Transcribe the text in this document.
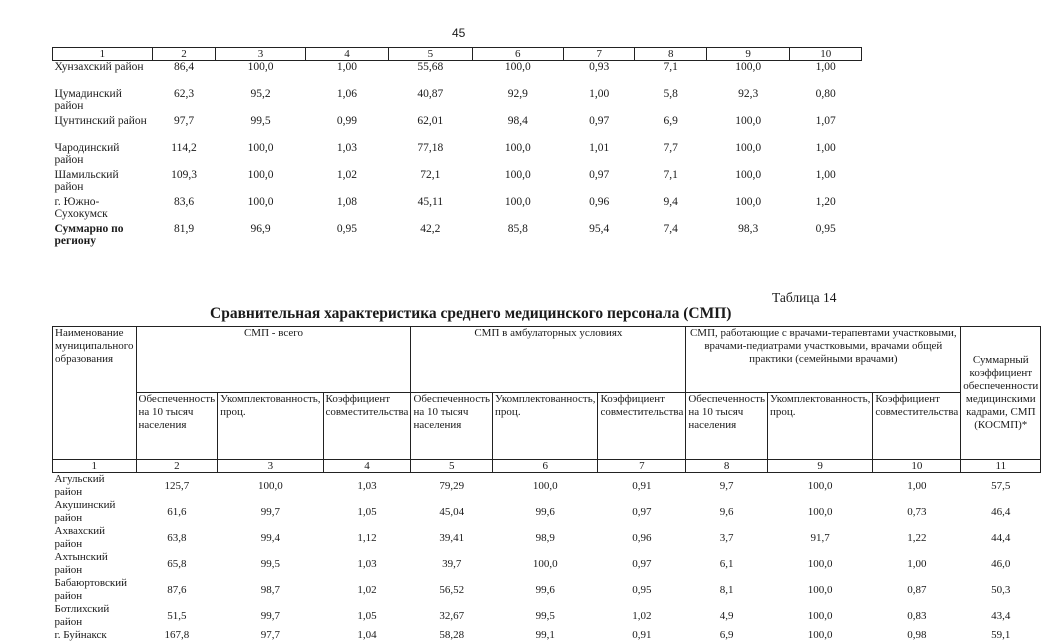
45
1	2	3	4	5	6	7	8	9	10
Хунзахский район	86,4	100,0	1,00	55,68	100,0	0,93	7,1	100,0	1,00
Цумадинский район	62,3	95,2	1,06	40,87	92,9	1,00	5,8	92,3	0,80
Цунтинский район	97,7	99,5	0,99	62,01	98,4	0,97	6,9	100,0	1,07
Чародинский район	114,2	100,0	1,03	77,18	100,0	1,01	7,7	100,0	1,00
Шамильский район	109,3	100,0	1,02	72,1	100,0	0,97	7,1	100,0	1,00
г. Южно-Сухокумск	83,6	100,0	1,08	45,11	100,0	0,96	9,4	100,0	1,20
Суммарно по региону	81,9	96,9	0,95	42,2	85,8	95,4	7,4	98,3	0,95
Таблица 14
Сравнительная характеристика среднего медицинского персонала (СМП)
Наименование муниципального образования	СМП - всего			СМП в амбулаторных условиях			СМП, работающие с врачами-терапевтами участковыми, врачами-педиатрами участковыми, врачами общей практики (семейными врачами)			Суммарный коэффициент обеспеченности медицинскими кадрами, СМП (КОСМП)*
	Обеспеченность на 10 тысяч населения	Укомплектованность, проц.	Коэффициент совместительства	Обеспеченность на 10 тысяч населения	Укомплектованность, проц.	Коэффициент совместительства	Обеспеченность на 10 тысяч населения	Укомплектованность, проц.	Коэффициент совместительства	
1	2	3	4	5	6	7	8	9	10	11
Агульский район	125,7	100,0	1,03	79,29	100,0	0,91	9,7	100,0	1,00	57,5
Акушинский район	61,6	99,7	1,05	45,04	99,6	0,97	9,6	100,0	0,73	46,4
Ахвахский район	63,8	99,4	1,12	39,41	98,9	0,96	3,7	91,7	1,22	44,4
Ахтынский район	65,8	99,5	1,03	39,7	100,0	0,97	6,1	100,0	1,00	46,0
Бабаюртовский район	87,6	98,7	1,02	56,52	99,6	0,95	8,1	100,0	0,87	50,3
Ботлихский район	51,5	99,7	1,05	32,67	99,5	1,02	4,9	100,0	0,83	43,4
г. Буйнакск	167,8	97,7	1,04	58,28	99,1	0,91	6,9	100,0	0,98	59,1
